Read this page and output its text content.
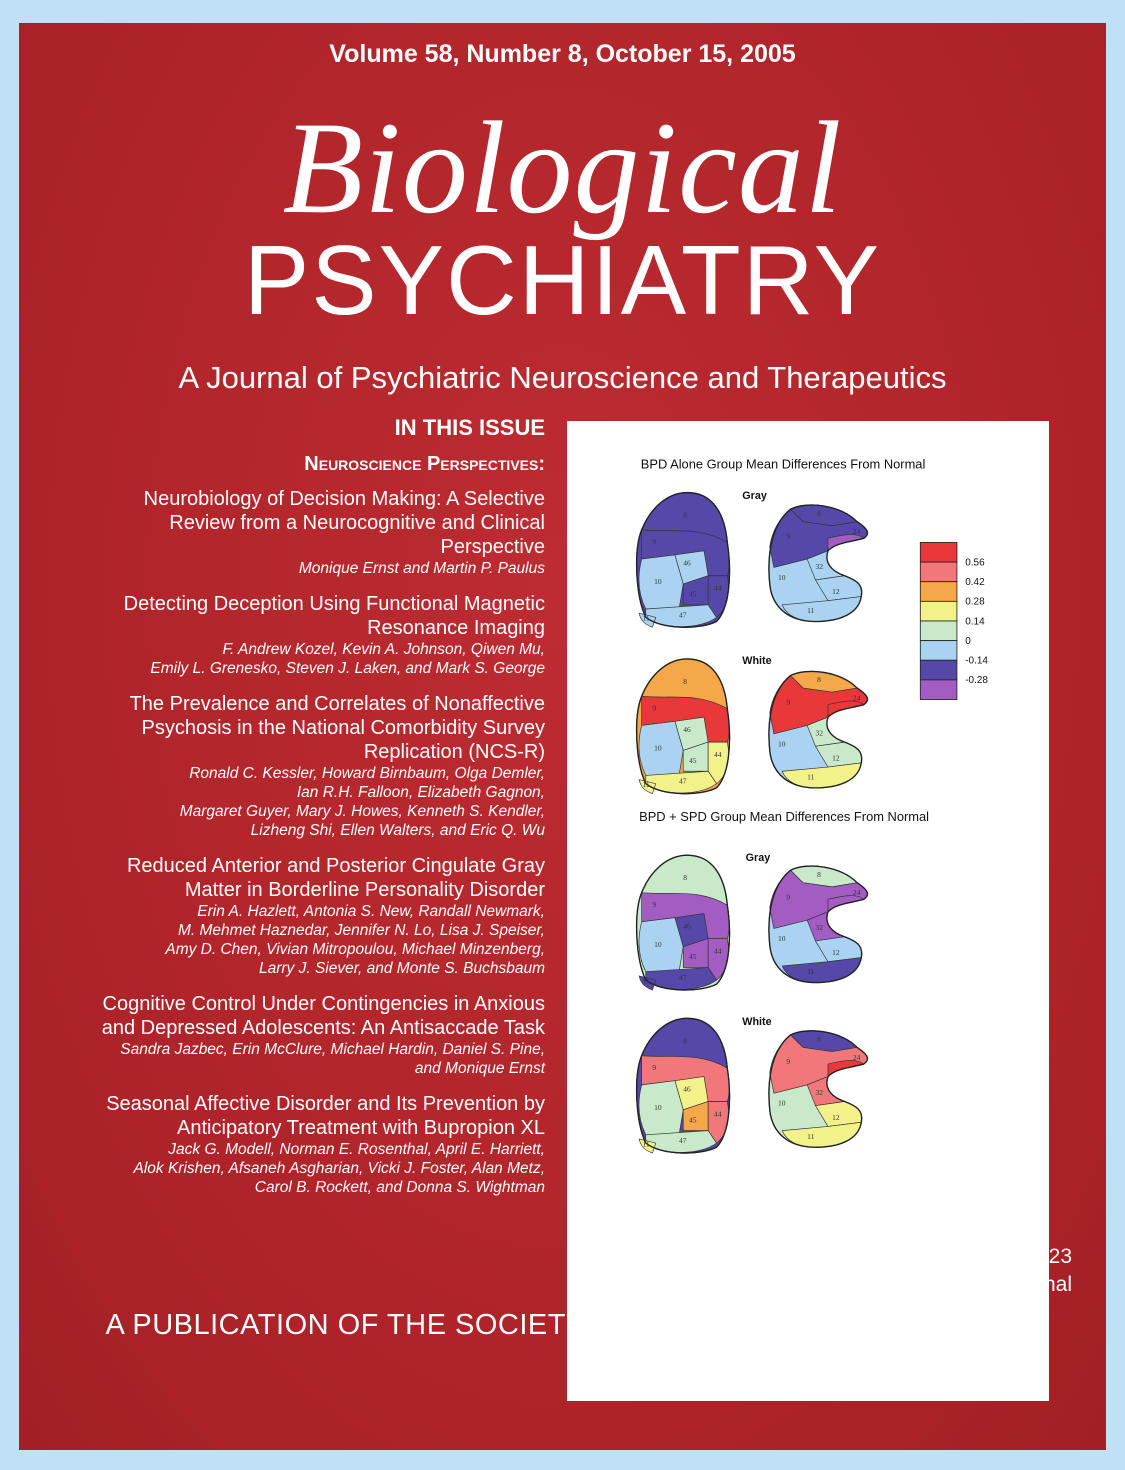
Volume 58, Number 8, October 15, 2005
Biological
PSYCHIATRY
A Journal of Psychiatric Neuroscience and Therapeutics
IN THIS ISSUE
Neuroscience Perspectives:
Neurobiology of Decision Making: A Selective
Review from a Neurocognitive and Clinical
Perspective
Monique Ernst and Martin P. Paulus
Detecting Deception Using Functional Magnetic
Resonance Imaging
F. Andrew Kozel, Kevin A. Johnson, Qiwen Mu,
Emily L. Grenesko, Steven J. Laken, and Mark S. George
The Prevalence and Correlates of Nonaffective
Psychosis in the National Comorbidity Survey
Replication (NCS-R)
Ronald C. Kessler, Howard Birnbaum, Olga Demler,
Ian R.H. Falloon, Elizabeth Gagnon,
Margaret Guyer, Mary J. Howes, Kenneth S. Kendler,
Lizheng Shi, Ellen Walters, and Eric Q. Wu
Reduced Anterior and Posterior Cingulate Gray
Matter in Borderline Personality Disorder
Erin A. Hazlett, Antonia S. New, Randall Newmark,
M. Mehmet Haznedar, Jennifer N. Lo, Lisa J. Speiser,
Amy D. Chen, Vivian Mitropoulou, Michael Minzenberg,
Larry J. Siever, and Monte S. Buchsbaum
Cognitive Control Under Contingencies in Anxious
and Depressed Adolescents: An Antisaccade Task
Sandra Jazbec, Erin McClure, Michael Hardin, Daniel S. Pine,
and Monique Ernst
Seasonal Affective Disorder and Its Prevention by
Anticipatory Treatment with Bupropion XL
Jack G. Modell, Norman E. Rosenthal, April E. Harriett,
Alok Krishen, Afsaneh Asgharian, Vicki J. Foster, Alan Metz,
Carol B. Rockett, and Donna S. Wightman
BPD Alone Group Mean Differences From Normal
BPD + SPD Group Mean Differences From Normal
Gray
8
9
46
10
45
44
47
11
8
9	24
32
10
12
11
0.56
0.42
0.28
0.14
0
-0.14
-0.28
White
8
9
46
10
45
44
47
11
8
9	24
32
10
12
11
Gray
8
9
46
10
45
44
47
11
8
9	24
32
10
12
11
White
8
9
46
10
45
44
47
11
8
9	24
32
10
12
11
ISSN 0006-3223
www.sobp.org/journal
A PUBLICATION OF THE SOCIETY OF BIOLOGICAL PSYCHIATRY
